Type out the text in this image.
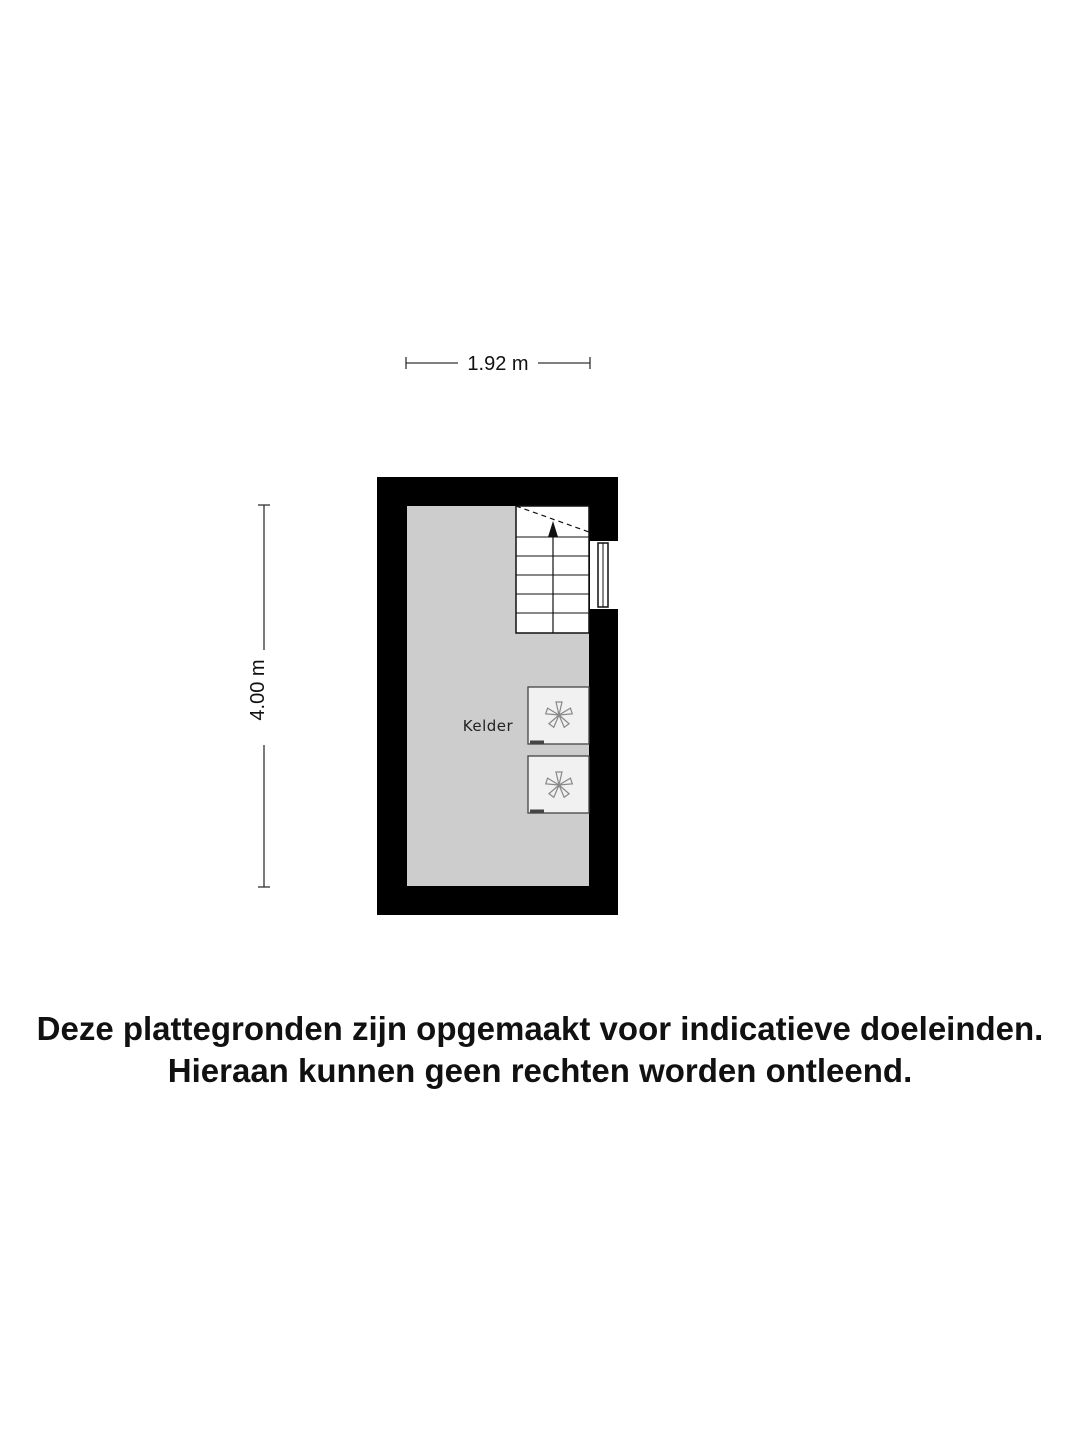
1.92 m
4.00 m
Kelder
Deze plattegronden zijn opgemaakt voor indicatieve doeleinden.
Hieraan kunnen geen rechten worden ontleend.
